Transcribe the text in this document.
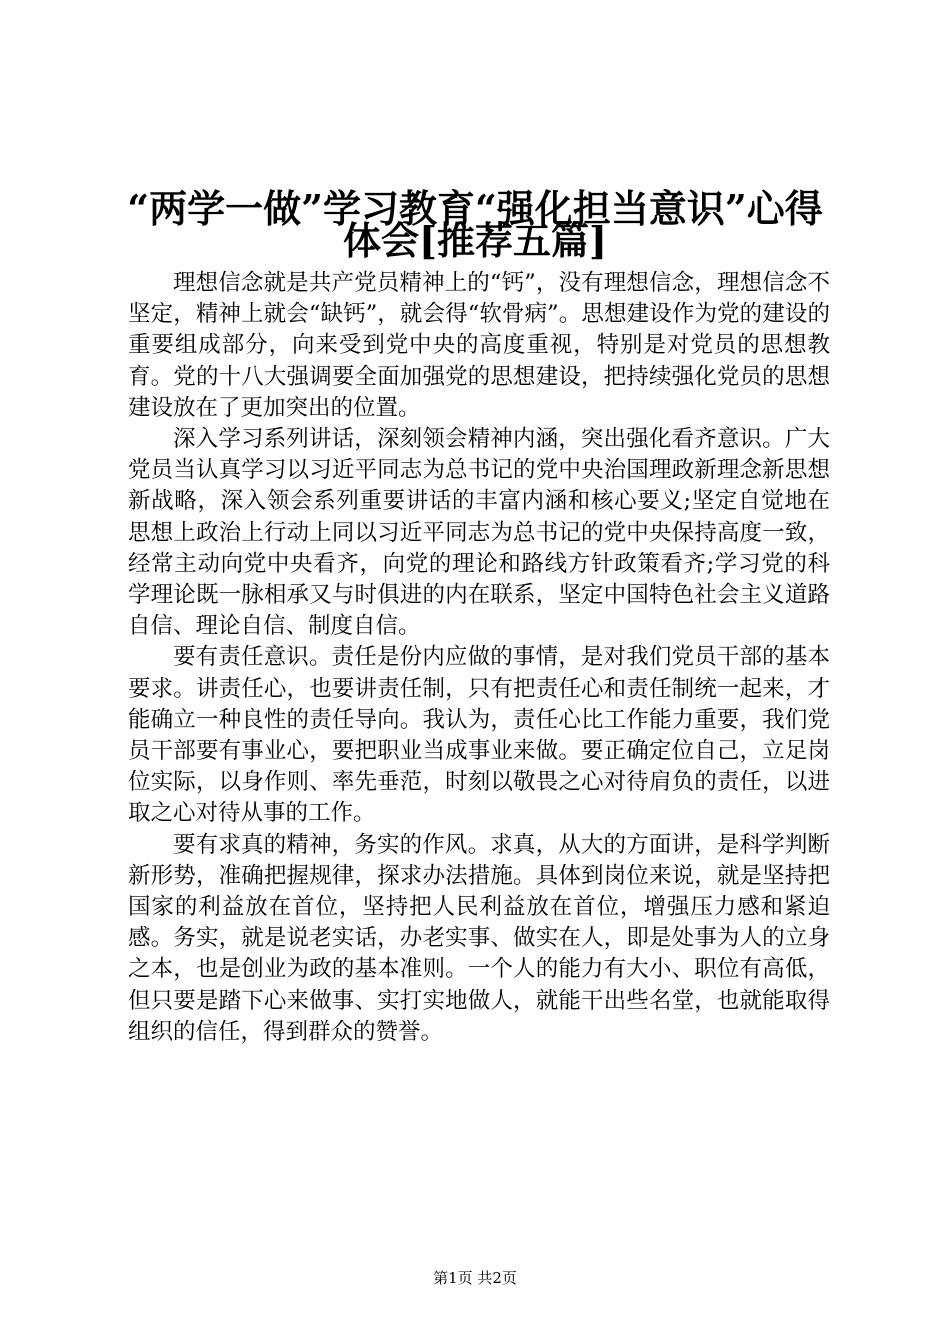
“两学一做”学习教育“强化担当意识”心得
体会[推荐五篇]

理想信念就是共产党员精神上的“钙”，没有理想信念，理想信念不坚定，精神上就会“缺钙”，就会得“软骨病”。思想建设作为党的建设的重要组成部分，向来受到党中央的高度重视，特别是对党员的思想教育。党的十八大强调要全面加强党的思想建设，把持续强化党员的思想建设放在了更加突出的位置。

深入学习系列讲话，深刻领会精神内涵，突出强化看齐意识。广大党员当认真学习以习近平同志为总书记的党中央治国理政新理念新思想新战略，深入领会系列重要讲话的丰富内涵和核心要义;坚定自觉地在思想上政治上行动上同以习近平同志为总书记的党中央保持高度一致，经常主动向党中央看齐，向党的理论和路线方针政策看齐;学习党的科学理论既一脉相承又与时俱进的内在联系，坚定中国特色社会主义道路自信、理论自信、制度自信。

要有责任意识。责任是份内应做的事情，是对我们党员干部的基本要求。讲责任心，也要讲责任制，只有把责任心和责任制统一起来，才能确立一种良性的责任导向。我认为，责任心比工作能力重要，我们党员干部要有事业心，要把职业当成事业来做。要正确定位自己，立足岗位实际，以身作则、率先垂范，时刻以敬畏之心对待肩负的责任，以进取之心对待从事的工作。

要有求真的精神，务实的作风。求真，从大的方面讲，是科学判断新形势，准确把握规律，探求办法措施。具体到岗位来说，就是坚持把国家的利益放在首位，坚持把人民利益放在首位，增强压力感和紧迫感。务实，就是说老实话，办老实事、做实在人，即是处事为人的立身之本，也是创业为政的基本准则。一个人的能力有大小、职位有高低，但只要是踏下心来做事、实打实地做人，就能干出些名堂，也就能取得组织的信任，得到群众的赞誉。

第1页 共2页
